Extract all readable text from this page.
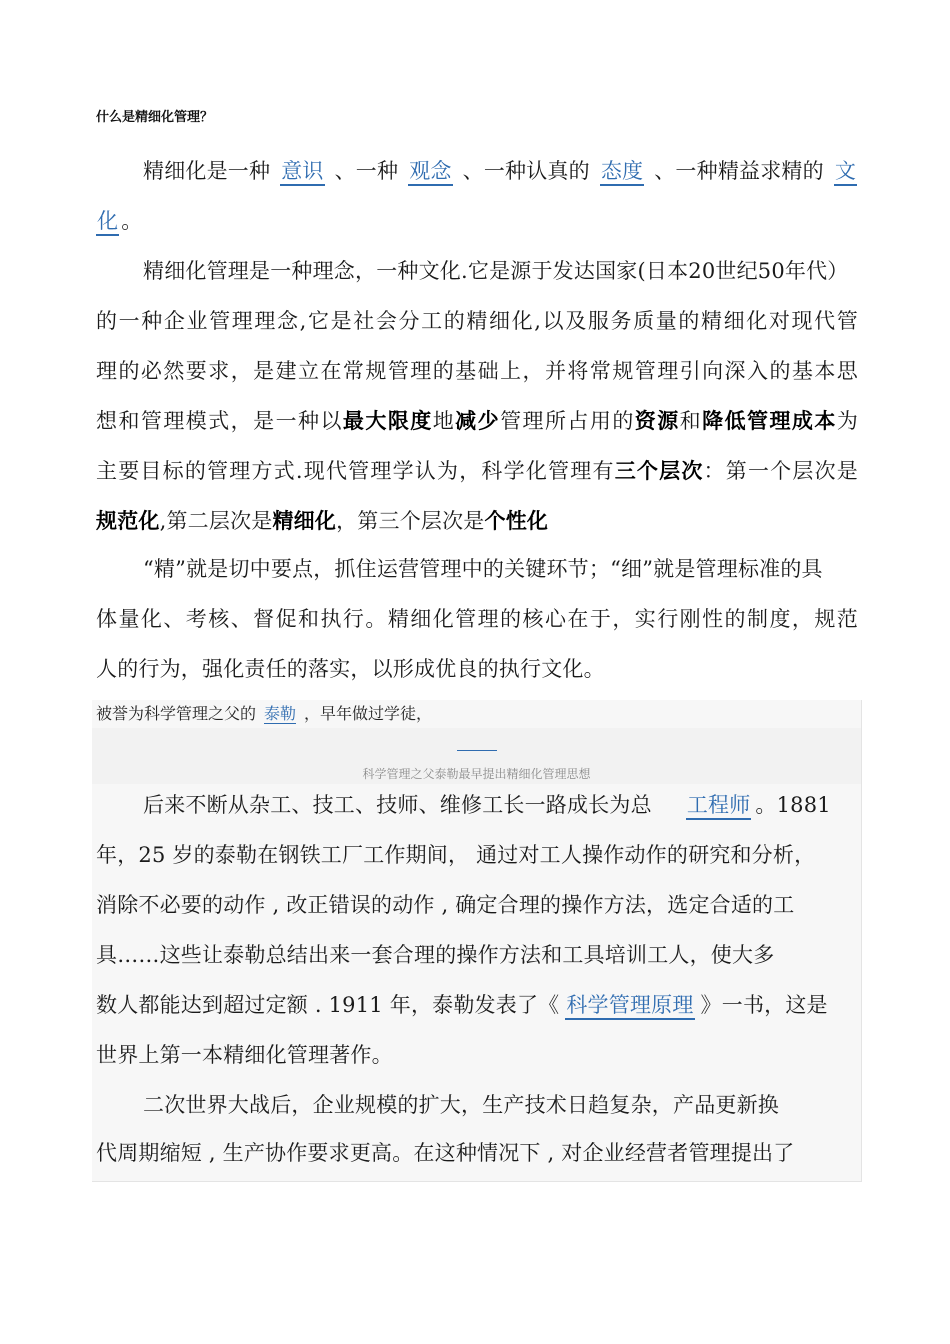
什么是精细化管理？
精细化是一种 意识 、一种 观念 、一种认真的 态度 、一种精益求精的 文
化 。
精细化管理是一种理念，一种文化.它是源于发达国家(日本20世纪50年代）
的一种企业管理理念,它是社会分工的精细化,以及服务质量的精细化对现代管
理的必然要求，是建立在常规管理的基础上，并将常规管理引向深入的基本思
想和管理模式，是一种以最大限度地减少管理所占用的资源和降低管理成本为
主要目标的管理方式.现代管理学认为，科学化管理有三个层次：第一个层次是
规范化,第二层次是精细化，第三个层次是个性化
“精”就是切中要点，抓住运营管理中的关键环节；“细”就是管理标准的具
体量化、考核、督促和执行。精细化管理的核心在于，实行刚性的制度，规范
人的行为，强化责任的落实，以形成优良的执行文化。
被誉为科学管理之父的 泰勒 ，早年做过学徒，
科学管理之父泰勒最早提出精细化管理思想
后来不断从杂工、技工、技师、维修工长一路成长为总 工程师 。1881
年，25 岁的泰勒在钢铁工厂工作期间， 通过对工人操作动作的研究和分析，
消除不必要的动作 , 改正错误的动作 , 确定合理的操作方法，选定合适的工
具……这些让泰勒总结出来一套合理的操作方法和工具培训工人，使大多
数人都能达到超过定额 . 1911 年，泰勒发表了《 科学管理原理 》一书，这是
世界上第一本精细化管理著作。
二次世界大战后，企业规模的扩大，生产技术日趋复杂，产品更新换
代周期缩短 , 生产协作要求更高。在这种情况下 , 对企业经营者管理提出了
